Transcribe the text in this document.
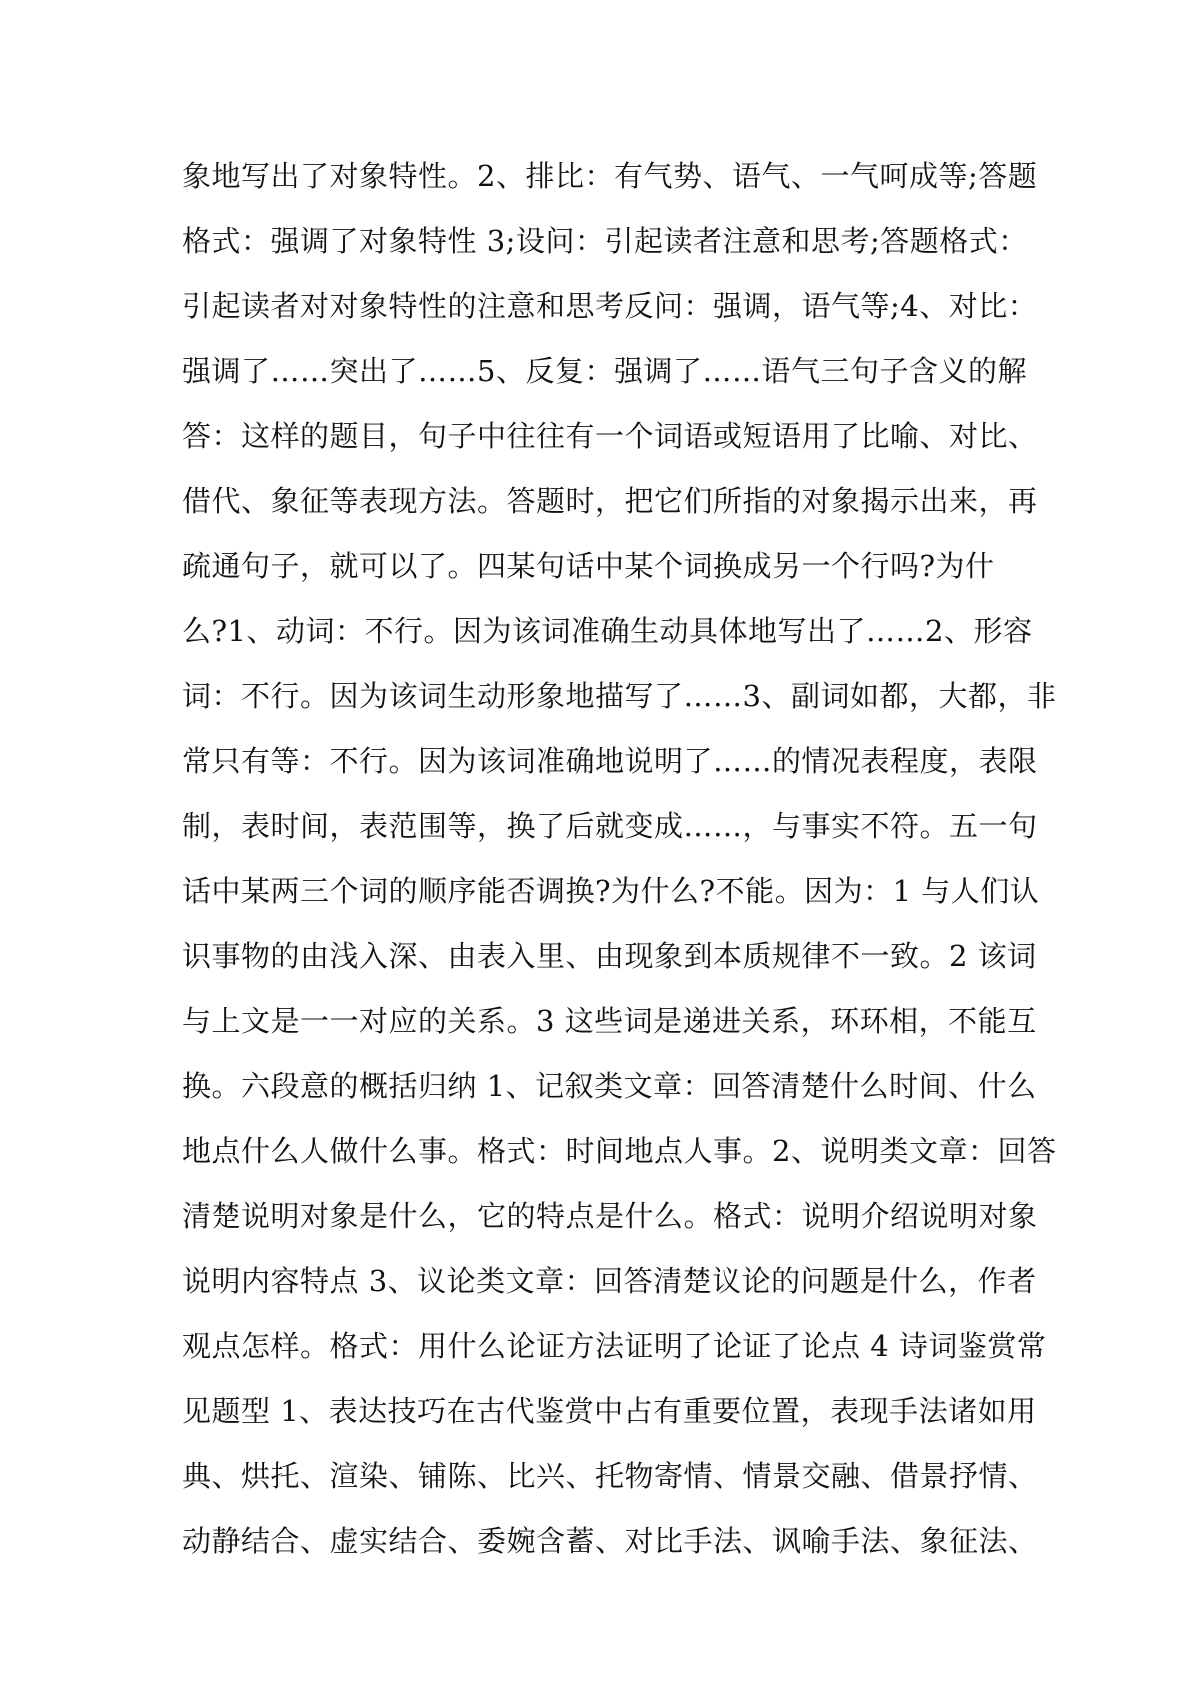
象地写出了对象特性。2、排比：有气势、语气、一气呵成等;答题
格式：强调了对象特性 3;设问：引起读者注意和思考;答题格式：
引起读者对对象特性的注意和思考反问：强调，语气等;4、对比：
强调了……突出了……5、反复：强调了……语气三句子含义的解
答：这样的题目，句子中往往有一个词语或短语用了比喻、对比、
借代、象征等表现方法。答题时，把它们所指的对象揭示出来，再
疏通句子，就可以了。四某句话中某个词换成另一个行吗?为什
么?1、动词：不行。因为该词准确生动具体地写出了……2、形容
词：不行。因为该词生动形象地描写了……3、副词如都，大都，非
常只有等：不行。因为该词准确地说明了……的情况表程度，表限
制，表时间，表范围等，换了后就变成……，与事实不符。五一句
话中某两三个词的顺序能否调换?为什么?不能。因为：1 与人们认
识事物的由浅入深、由表入里、由现象到本质规律不一致。2 该词
与上文是一一对应的关系。3 这些词是递进关系，环环相，不能互
换。六段意的概括归纳 1、记叙类文章：回答清楚什么时间、什么
地点什么人做什么事。格式：时间地点人事。2、说明类文章：回答
清楚说明对象是什么，它的特点是什么。格式：说明介绍说明对象
说明内容特点 3、议论类文章：回答清楚议论的问题是什么，作者
观点怎样。格式：用什么论证方法证明了论证了论点 4 诗词鉴赏常
见题型 1、表达技巧在古代鉴赏中占有重要位置，表现手法诸如用
典、烘托、渲染、铺陈、比兴、托物寄情、情景交融、借景抒情、
动静结合、虚实结合、委婉含蓄、对比手法、讽喻手法、象征法、
